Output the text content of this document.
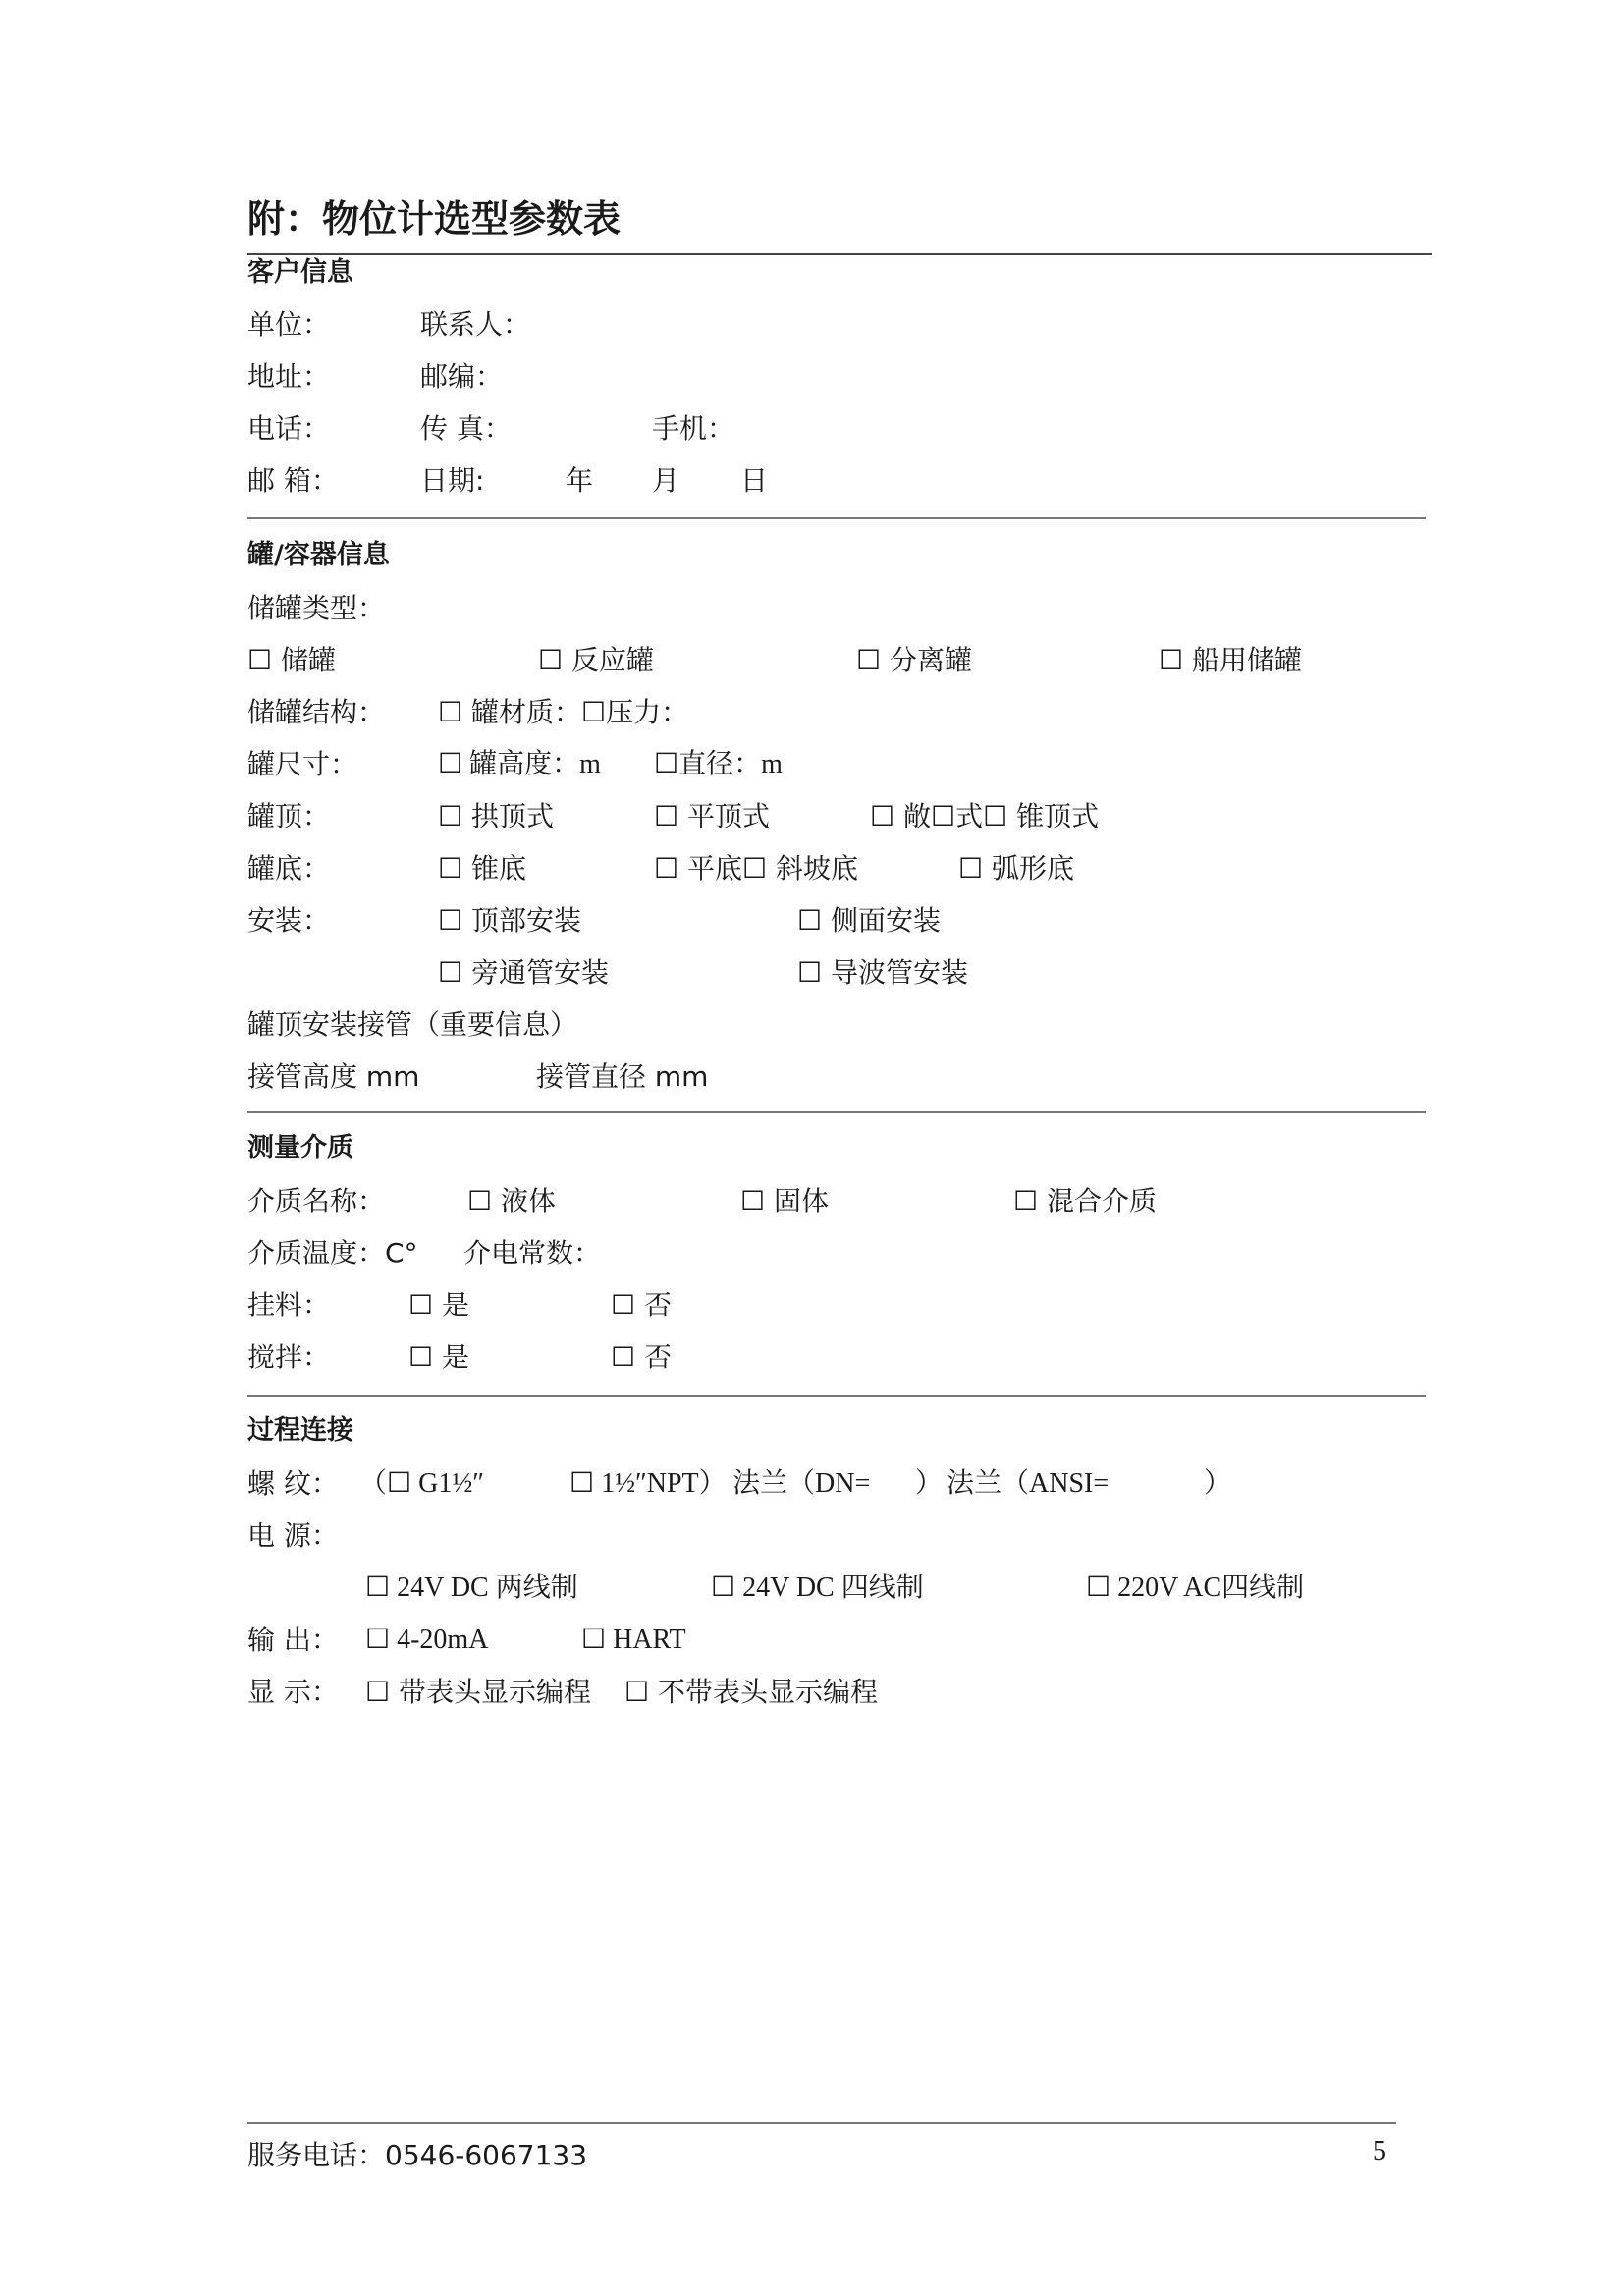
附：物位计选型参数表
客户信息
单位：	联系人：
地址：	邮编：
电话：	传 真：	手机：
邮 箱：	日期:	年 月 日
罐/容器信息
储罐类型：
☐ 储罐	☐ 反应罐	☐ 分离罐	☐ 船用储罐
储罐结构： ☐ 罐材质：☐压力：
罐尺寸：	☐ 罐高度：m ☐直径：m
罐顶：	☐ 拱顶式	☐ 平顶式	☐ 敞☐式☐ 锥顶式
罐底：	☐ 锥底	☐ 平底☐ 斜坡底	☐ 弧形底
安装：	☐ 顶部安装	☐ 侧面安装
☐ 旁通管安装	☐ 导波管安装
罐顶安装接管（重要信息）
接管高度 mm	接管直径 mm
测量介质
介质名称：	☐ 液体	☐ 固体	☐ 混合介质
介质温度：C° 介电常数：
挂料：	☐ 是	☐ 否
搅拌：	☐ 是	☐ 否
过程连接
螺 纹： （☐ G1½″	☐ 1½″NPT） 法兰（DN= ） 法兰（ANSI=	）
电 源：
☐ 24V DC 两线制	☐ 24V DC 四线制	☐ 220V AC四线制
输 出： ☐ 4-20mA	☐ HART
显 示： ☐ 带表头显示编程 ☐ 不带表头显示编程
服务电话：0546-6067133	5
